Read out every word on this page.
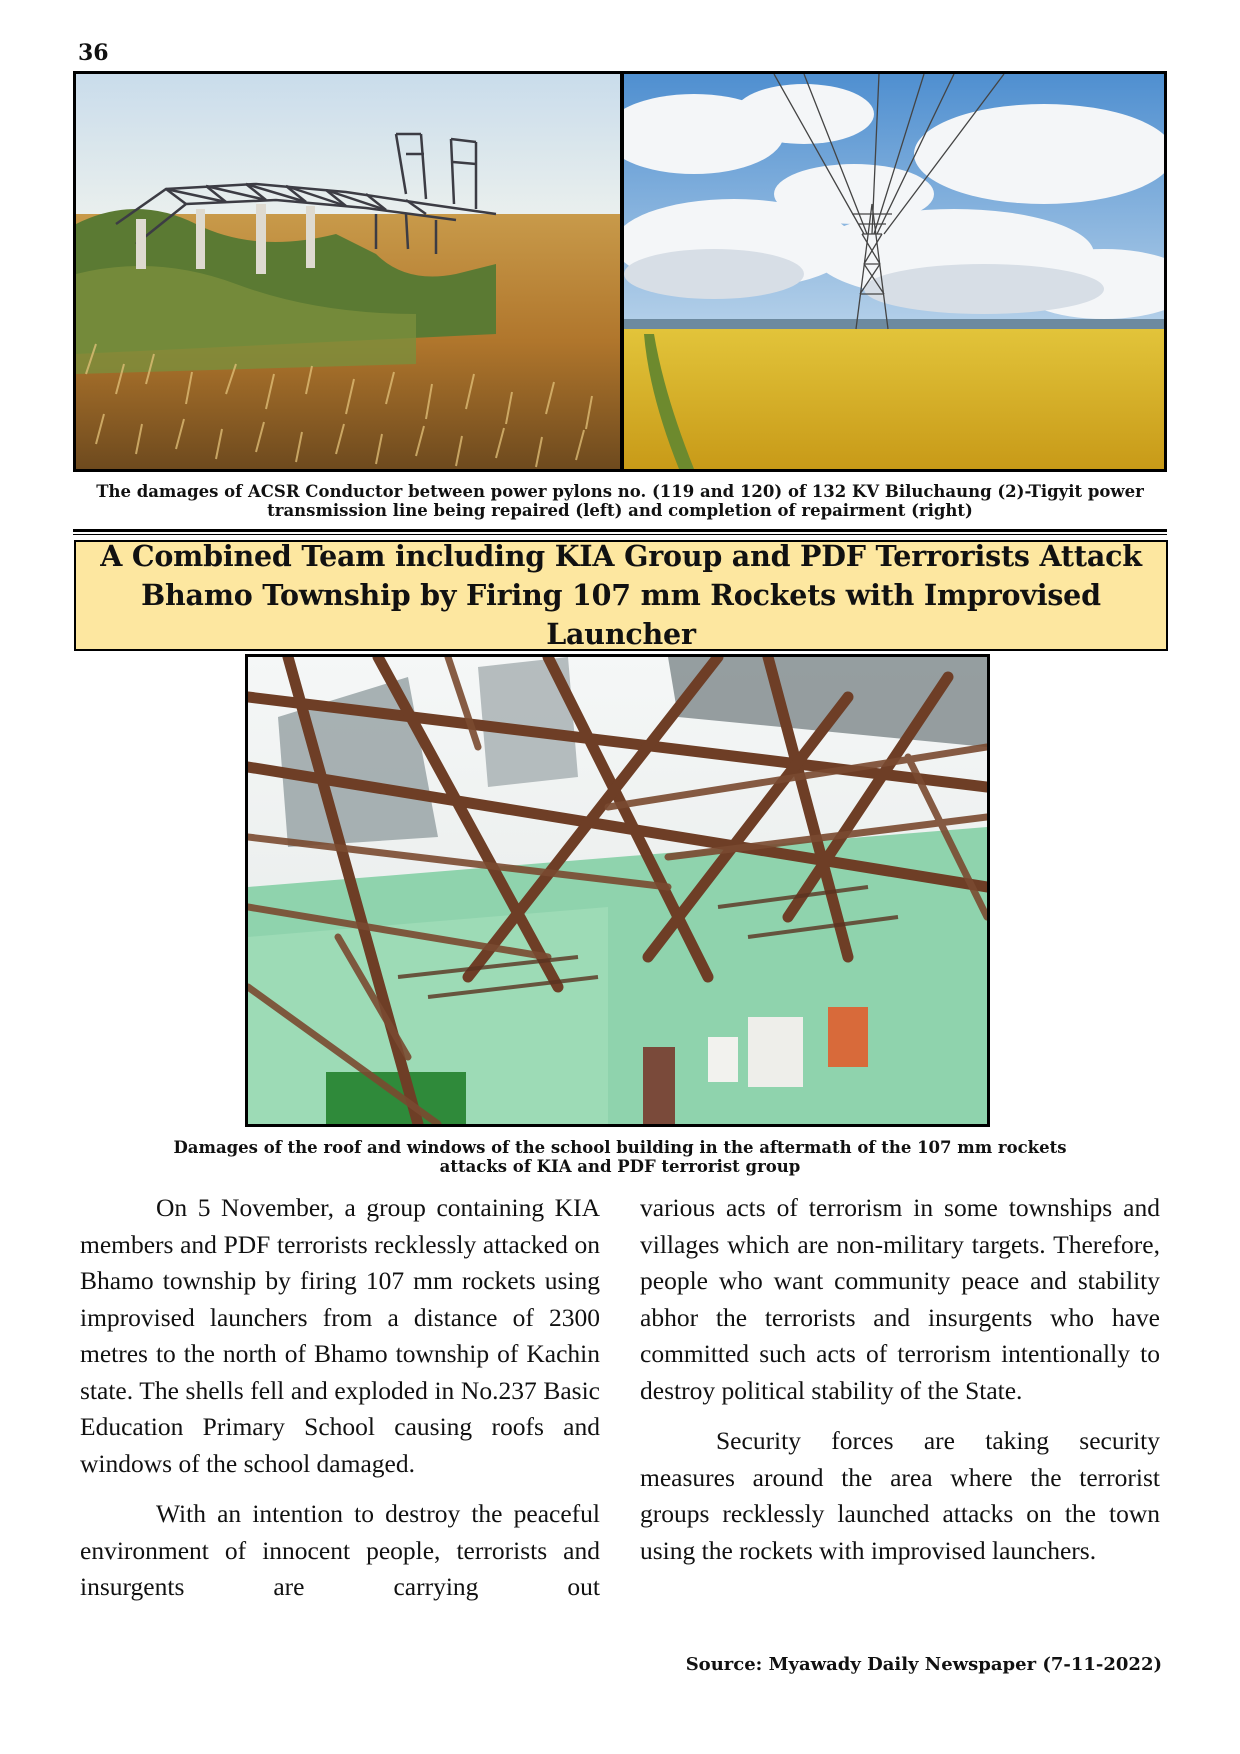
36
The damages of ACSR Conductor between power pylons no. (119 and 120) of 132 KV Biluchaung (2)-Tigyit power transmission line being repaired (left) and completion of repairment (right)
A Combined Team including KIA Group and PDF Terrorists Attack Bhamo Township by Firing 107 mm Rockets with Improvised Launcher
Damages of the roof and windows of the school building in the aftermath of the 107 mm rockets attacks of KIA and PDF terrorist group

On 5 November, a group containing KIA members and PDF terrorists recklessly attacked on Bhamo township by firing 107 mm rockets using improvised launchers from a distance of 2300 metres to the north of Bhamo township of Kachin state. The shells fell and exploded in No.237 Basic Education Primary School causing roofs and windows of the school damaged.

With an intention to destroy the peaceful environment of innocent people, terrorists and insurgents are carrying out

various acts of terrorism in some townships and villages which are non-military targets. Therefore, people who want community peace and stability abhor the terrorists and insurgents who have committed such acts of terrorism intentionally to destroy political stability of the State.

Security forces are taking security measures around the area where the terrorist groups recklessly launched attacks on the town using the rockets with improvised launchers.

Source: Myawady Daily Newspaper (7-11-2022)
